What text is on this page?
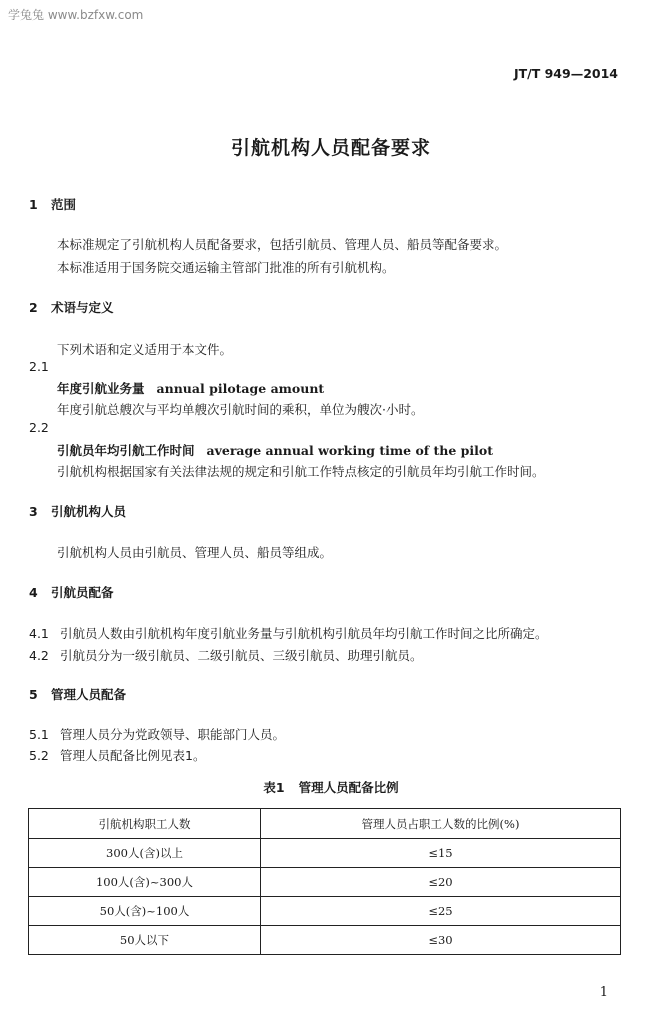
学兔兔 www.bzfxw.com
JT/T 949—2014
引航机构人员配备要求
1 范围
本标准规定了引航机构人员配备要求，包括引航员、管理人员、船员等配备要求。
本标准适用于国务院交通运输主管部门批准的所有引航机构。
2 术语与定义
下列术语和定义适用于本文件。
2.1
年度引航业务量 annual pilotage amount
年度引航总艘次与平均单艘次引航时间的乘积，单位为艘次·小时。
2.2
引航员年均引航工作时间 average annual working time of the pilot
引航机构根据国家有关法律法规的规定和引航工作特点核定的引航员年均引航工作时间。
3 引航机构人员
引航机构人员由引航员、管理人员、船员等组成。
4 引航员配备
4.1 引航员人数由引航机构年度引航业务量与引航机构引航员年均引航工作时间之比所确定。
4.2 引航员分为一级引航员、二级引航员、三级引航员、助理引航员。
5 管理人员配备
5.1 管理人员分为党政领导、职能部门人员。
5.2 管理人员配备比例见表1。
表1 管理人员配备比例
引航机构职工人数	管理人员占职工人数的比例(%)
300人(含)以上	≤15
100人(含)~300人	≤20
50人(含)~100人	≤25
50人以下	≤30
1
